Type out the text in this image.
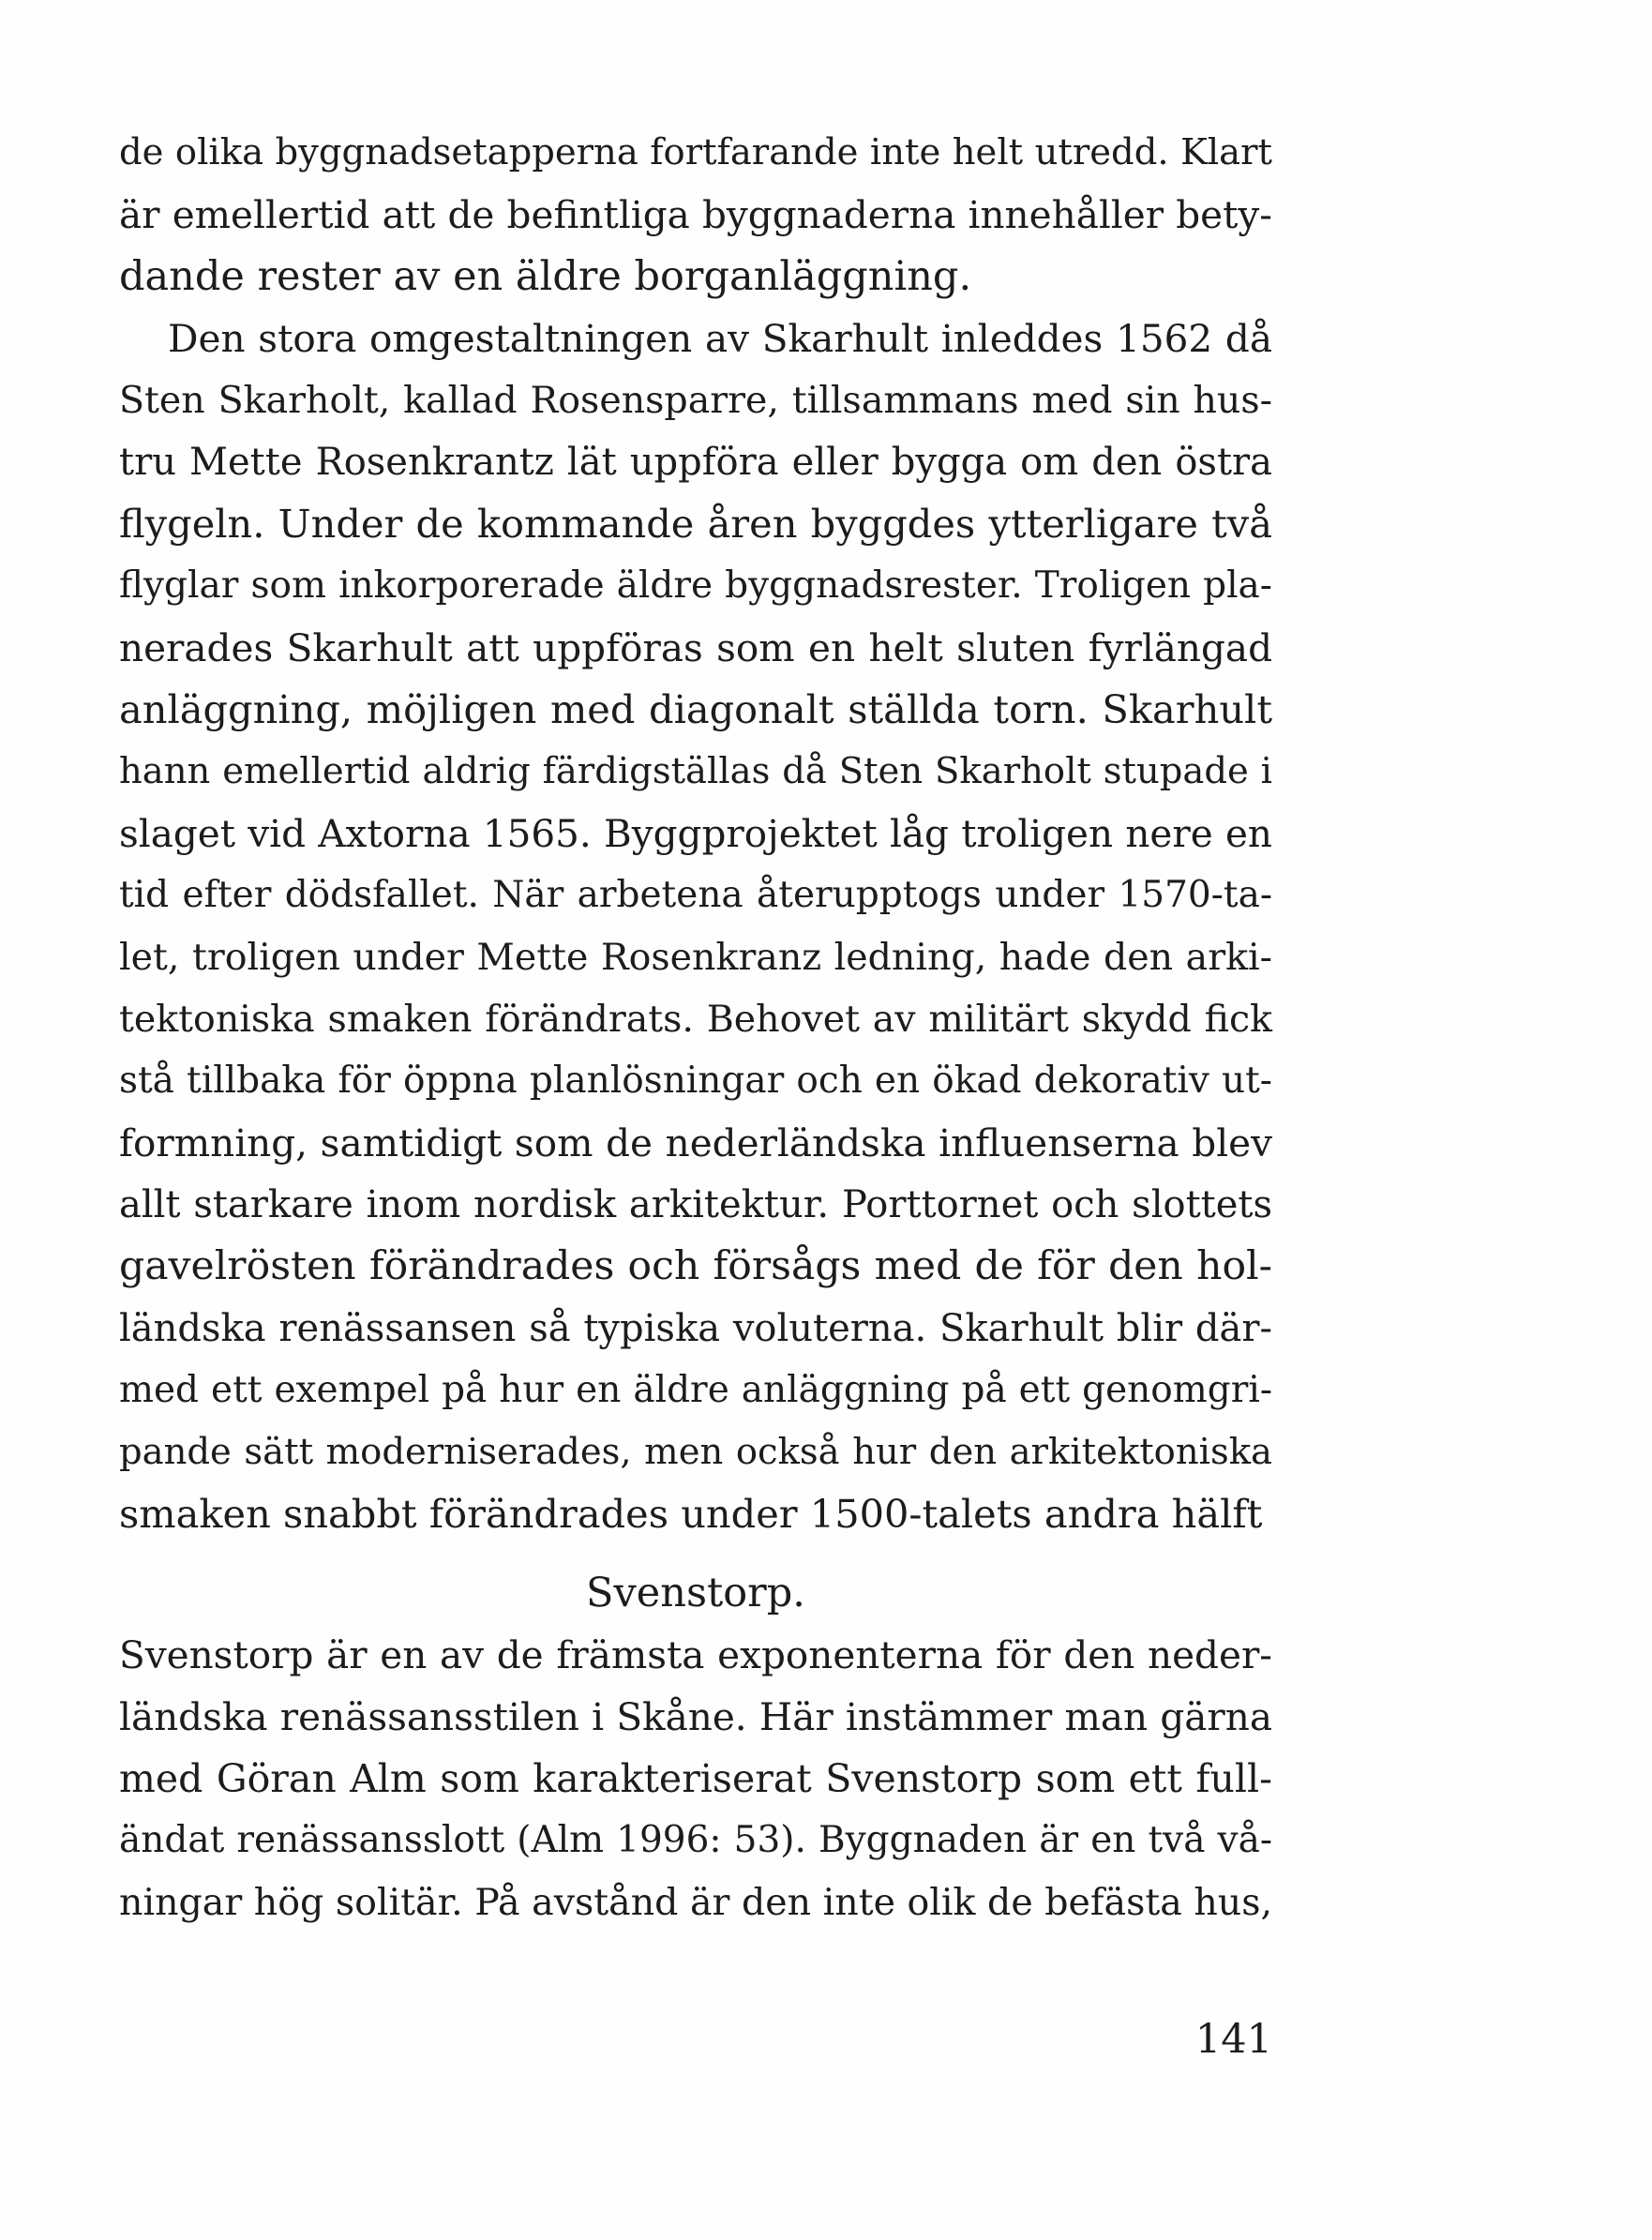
de olika byggnadsetapperna fortfarande inte helt utredd. Klart
är emellertid att de befintliga byggnaderna innehåller bety-
dande rester av en äldre borganläggning.
Den stora omgestaltningen av Skarhult inleddes 1562 då
Sten Skarholt, kallad Rosensparre, tillsammans med sin hus-
tru Mette Rosenkrantz lät uppföra eller bygga om den östra
flygeln. Under de kommande åren byggdes ytterligare två
flyglar som inkorporerade äldre byggnadsrester. Troligen pla-
nerades Skarhult att uppföras som en helt sluten fyrlängad
anläggning, möjligen med diagonalt ställda torn. Skarhult
hann emellertid aldrig färdigställas då Sten Skarholt stupade i
slaget vid Axtorna 1565. Byggprojektet låg troligen nere en
tid efter dödsfallet. När arbetena återupptogs under 1570-ta-
let, troligen under Mette Rosenkranz ledning, hade den arki-
tektoniska smaken förändrats. Behovet av militärt skydd fick
stå tillbaka för öppna planlösningar och en ökad dekorativ ut-
formning, samtidigt som de nederländska influenserna blev
allt starkare inom nordisk arkitektur. Porttornet och slottets
gavelrösten förändrades och försågs med de för den hol-
ländska renässansen så typiska voluterna. Skarhult blir där-
med ett exempel på hur en äldre anläggning på ett genomgri-
pande sätt moderniserades, men också hur den arkitektoniska
smaken snabbt förändrades under 1500-talets andra hälft
Svenstorp.
Svenstorp är en av de främsta exponenterna för den neder-
ländska renässansstilen i Skåne. Här instämmer man gärna
med Göran Alm som karakteriserat Svenstorp som ett full-
ändat renässansslott (Alm 1996: 53). Byggnaden är en två vå-
ningar hög solitär. På avstånd är den inte olik de befästa hus,
141
